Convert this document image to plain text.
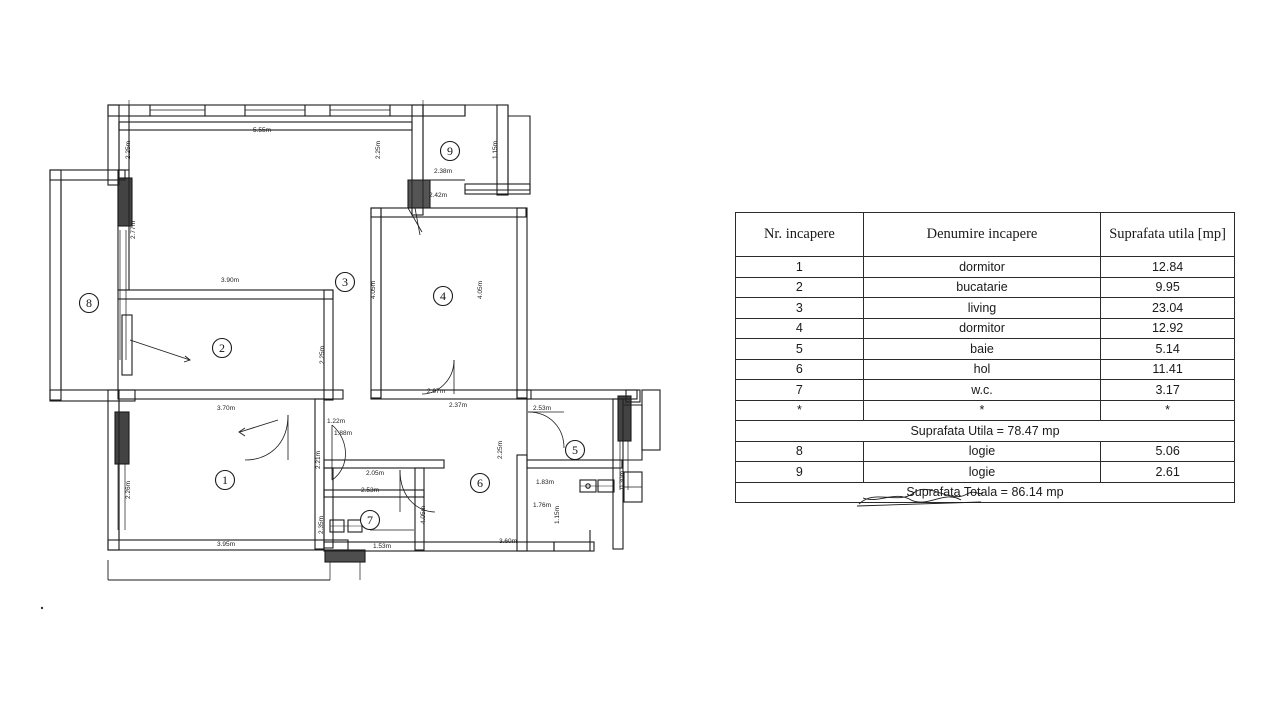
1
2
3
4
5
6
7
8
9
5.55m
2.25m
2.77m
3.90m
2.25m
3.70m
1.22m
1.88m
2.21m
2.05m
2.53m
2.35m
3.95m
2.26m
1.53m
4.05m
3.60m
1.76m
1.83m
1.15m
2.25m
2.53m
2.67m
2.37m
4.05m
4.05m
2.42m
2.38m
2.25m	1.15m
0.30m
Nr. incapere	Denumire incapere	Suprafata utila [mp]
1	dormitor	12.84
2	bucatarie	9.95
3	living	23.04
4	dormitor	12.92
5	baie	5.14
6	hol	11.41
7	w.c.	3.17
*	*	*
Suprafata Utila = 78.47 mp		
8	logie	5.06
9	logie	2.61
Suprafata Totala = 86.14 mp		
